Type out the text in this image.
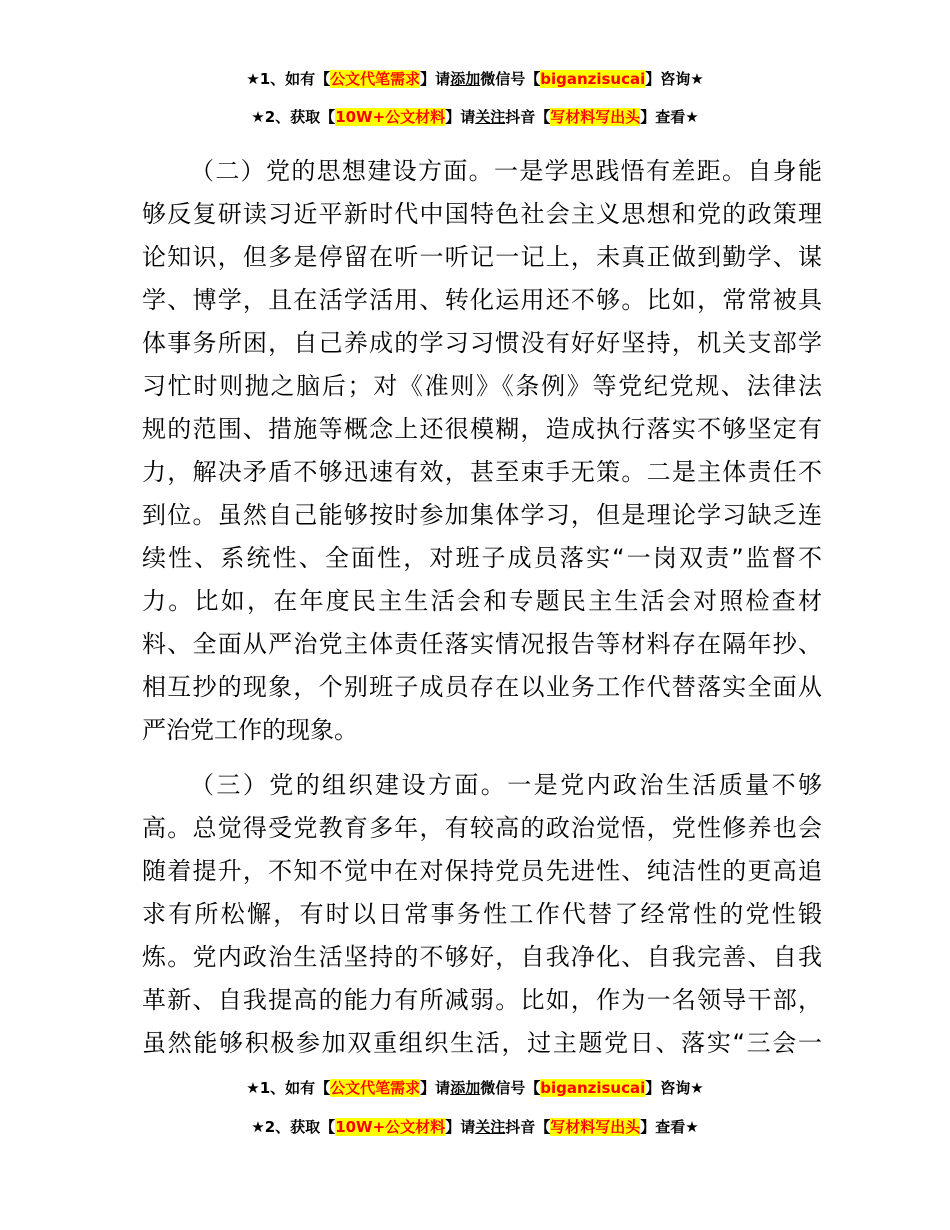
★1、如有【公文代笔需求】请添加微信号【biganzisucai】咨询★
★2、获取【10W+公文材料】请关注抖音【写材料写出头】查看★
（二）党的思想建设方面。一是学思践悟有差距。自身能
够反复研读习近平新时代中国特色社会主义思想和党的政策理
论知识，但多是停留在听一听记一记上，未真正做到勤学、谋
学、博学，且在活学活用、转化运用还不够。比如，常常被具
体事务所困，自己养成的学习习惯没有好好坚持，机关支部学
习忙时则抛之脑后；对《准则》《条例》等党纪党规、法律法
规的范围、措施等概念上还很模糊，造成执行落实不够坚定有
力，解决矛盾不够迅速有效，甚至束手无策。二是主体责任不
到位。虽然自己能够按时参加集体学习，但是理论学习缺乏连
续性、系统性、全面性，对班子成员落实“一岗双责”监督不
力。比如，在年度民主生活会和专题民主生活会对照检查材
料、全面从严治党主体责任落实情况报告等材料存在隔年抄、
相互抄的现象，个别班子成员存在以业务工作代替落实全面从
严治党工作的现象。
（三）党的组织建设方面。一是党内政治生活质量不够
高。总觉得受党教育多年，有较高的政治觉悟，党性修养也会
随着提升，不知不觉中在对保持党员先进性、纯洁性的更高追
求有所松懈，有时以日常事务性工作代替了经常性的党性锻
炼。党内政治生活坚持的不够好，自我净化、自我完善、自我
革新、自我提高的能力有所减弱。比如，作为一名领导干部，
虽然能够积极参加双重组织生活，过主题党日、落实“三会一
★1、如有【公文代笔需求】请添加微信号【biganzisucai】咨询★
★2、获取【10W+公文材料】请关注抖音【写材料写出头】查看★
